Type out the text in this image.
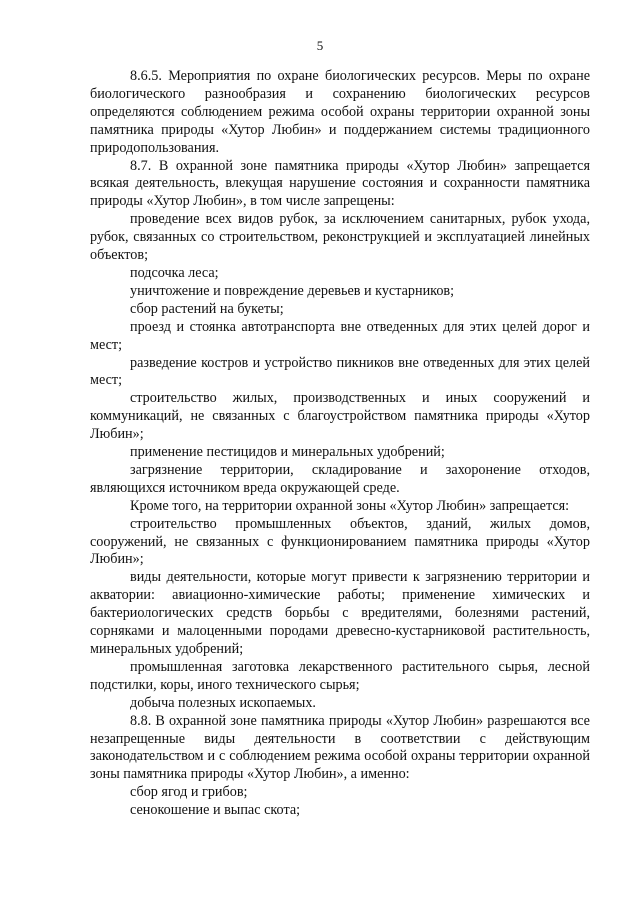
5

8.6.5. Мероприятия по охране биологических ресурсов. Меры по охране биологического разнообразия и сохранению биологических ресурсов определяются соблюдением режима особой охраны территории охранной зоны памятника природы «Хутор Любин» и поддержанием системы традиционного природопользования.

8.7. В охранной зоне памятника природы «Хутор Любин» запрещается всякая деятельность, влекущая нарушение состояния и сохранности памятника природы «Хутор Любин», в том числе запрещены:

проведение всех видов рубок, за исключением санитарных, рубок ухода, рубок, связанных со строительством, реконструкцией и эксплуатацией линейных объектов;

подсочка леса;

уничтожение и повреждение деревьев и кустарников;

сбор растений на букеты;

проезд и стоянка автотранспорта вне отведенных для этих целей дорог и мест;

разведение костров и устройство пикников вне отведенных для этих целей мест;

строительство жилых, производственных и иных сооружений и коммуникаций, не связанных с благоустройством памятника природы «Хутор Любин»;

применение пестицидов и минеральных удобрений;

загрязнение территории, складирование и захоронение отходов, являющихся источником вреда окружающей среде.

Кроме того, на территории охранной зоны «Хутор Любин» запрещается:

строительство промышленных объектов, зданий, жилых домов, сооружений, не связанных с функционированием памятника природы «Хутор Любин»;

виды деятельности, которые могут привести к загрязнению территории и акватории: авиационно-химические работы; применение химических и бактериологических средств борьбы с вредителями, болезнями растений, сорняками и малоценными породами древесно-кустарниковой растительность, минеральных удобрений;

промышленная заготовка лекарственного растительного сырья, лесной подстилки, коры, иного технического сырья;

добыча полезных ископаемых.

8.8. В охранной зоне памятника природы «Хутор Любин» разрешаются все незапрещенные виды деятельности в соответствии с действующим законодательством и с соблюдением режима особой охраны территории охранной зоны памятника природы «Хутор Любин», а именно:

сбор ягод и грибов;

сенокошение и выпас скота;
